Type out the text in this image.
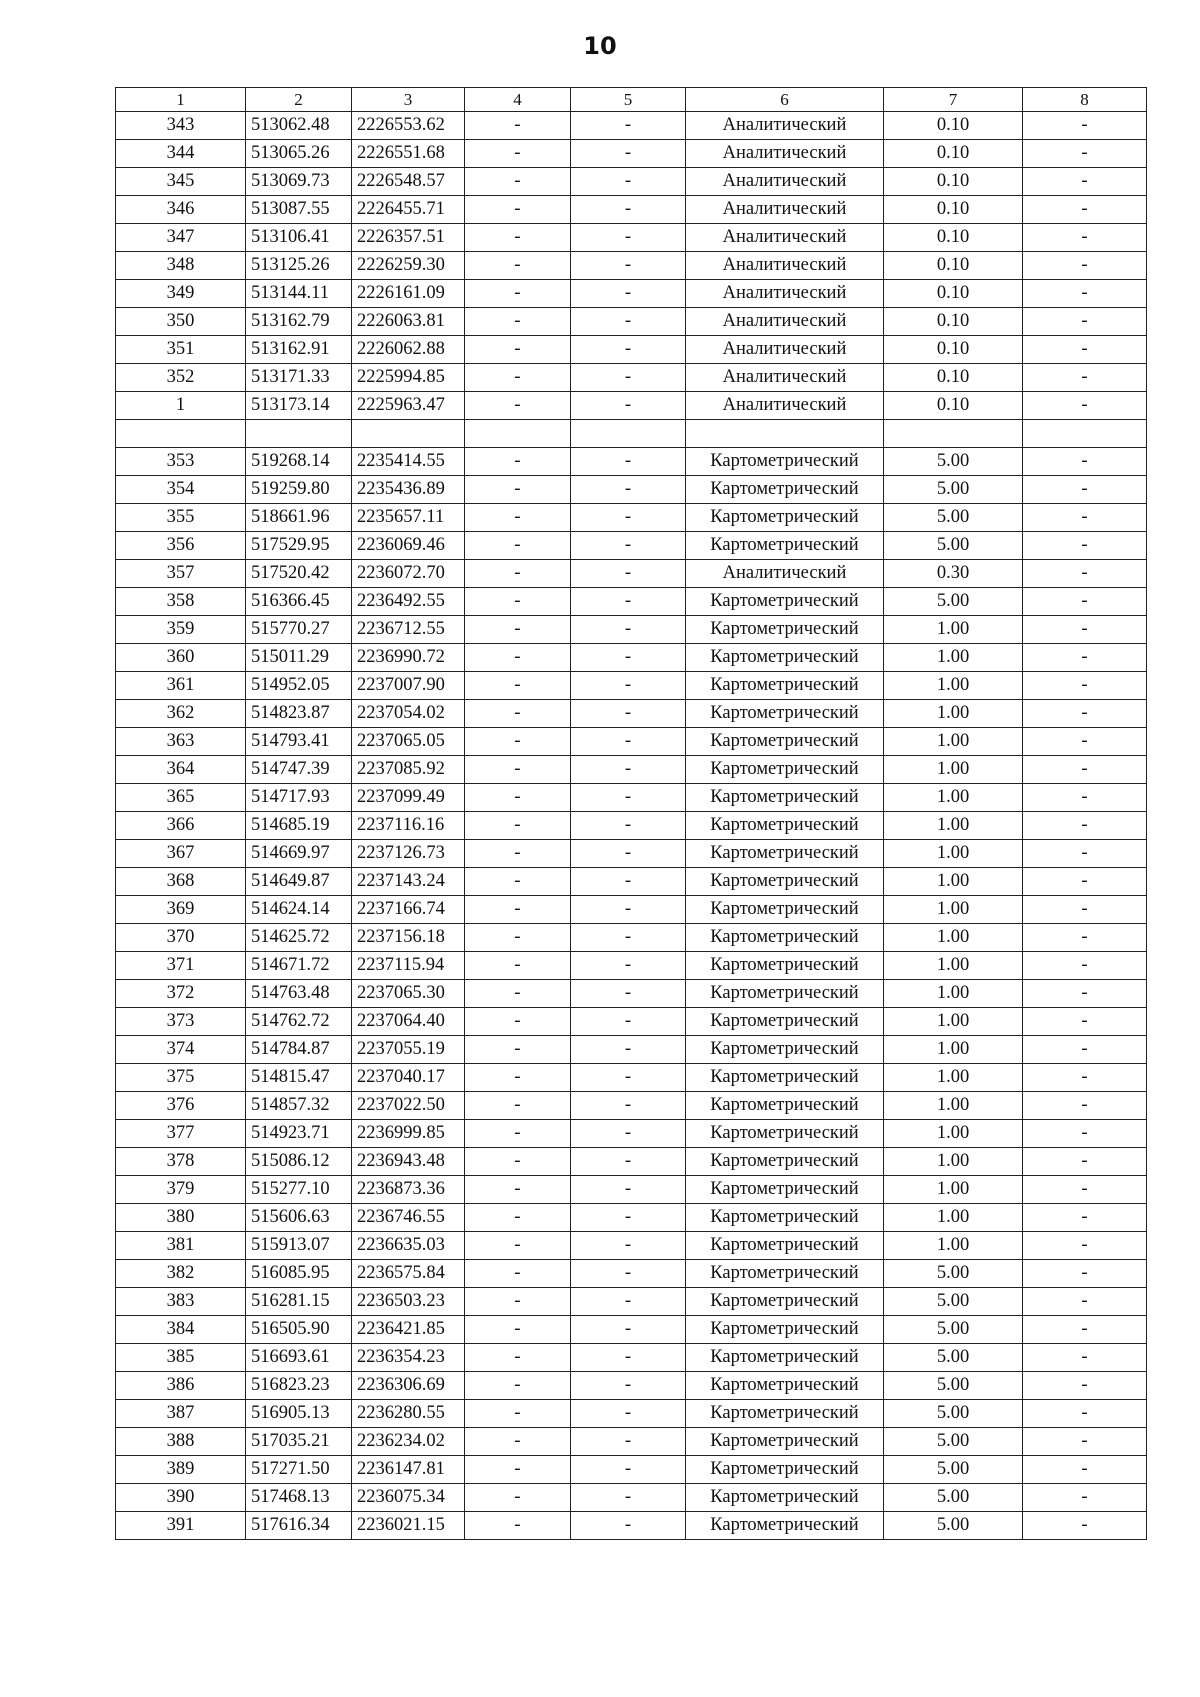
10
1	2	3	4	5	6	7	8
343	513062.48	2226553.62	-	-	Аналитический	0.10	-
344	513065.26	2226551.68	-	-	Аналитический	0.10	-
345	513069.73	2226548.57	-	-	Аналитический	0.10	-
346	513087.55	2226455.71	-	-	Аналитический	0.10	-
347	513106.41	2226357.51	-	-	Аналитический	0.10	-
348	513125.26	2226259.30	-	-	Аналитический	0.10	-
349	513144.11	2226161.09	-	-	Аналитический	0.10	-
350	513162.79	2226063.81	-	-	Аналитический	0.10	-
351	513162.91	2226062.88	-	-	Аналитический	0.10	-
352	513171.33	2225994.85	-	-	Аналитический	0.10	-
1	513173.14	2225963.47	-	-	Аналитический	0.10	-

353	519268.14	2235414.55	-	-	Картометрический	5.00	-
354	519259.80	2235436.89	-	-	Картометрический	5.00	-
355	518661.96	2235657.11	-	-	Картометрический	5.00	-
356	517529.95	2236069.46	-	-	Картометрический	5.00	-
357	517520.42	2236072.70	-	-	Аналитический	0.30	-
358	516366.45	2236492.55	-	-	Картометрический	5.00	-
359	515770.27	2236712.55	-	-	Картометрический	1.00	-
360	515011.29	2236990.72	-	-	Картометрический	1.00	-
361	514952.05	2237007.90	-	-	Картометрический	1.00	-
362	514823.87	2237054.02	-	-	Картометрический	1.00	-
363	514793.41	2237065.05	-	-	Картометрический	1.00	-
364	514747.39	2237085.92	-	-	Картометрический	1.00	-
365	514717.93	2237099.49	-	-	Картометрический	1.00	-
366	514685.19	2237116.16	-	-	Картометрический	1.00	-
367	514669.97	2237126.73	-	-	Картометрический	1.00	-
368	514649.87	2237143.24	-	-	Картометрический	1.00	-
369	514624.14	2237166.74	-	-	Картометрический	1.00	-
370	514625.72	2237156.18	-	-	Картометрический	1.00	-
371	514671.72	2237115.94	-	-	Картометрический	1.00	-
372	514763.48	2237065.30	-	-	Картометрический	1.00	-
373	514762.72	2237064.40	-	-	Картометрический	1.00	-
374	514784.87	2237055.19	-	-	Картометрический	1.00	-
375	514815.47	2237040.17	-	-	Картометрический	1.00	-
376	514857.32	2237022.50	-	-	Картометрический	1.00	-
377	514923.71	2236999.85	-	-	Картометрический	1.00	-
378	515086.12	2236943.48	-	-	Картометрический	1.00	-
379	515277.10	2236873.36	-	-	Картометрический	1.00	-
380	515606.63	2236746.55	-	-	Картометрический	1.00	-
381	515913.07	2236635.03	-	-	Картометрический	1.00	-
382	516085.95	2236575.84	-	-	Картометрический	5.00	-
383	516281.15	2236503.23	-	-	Картометрический	5.00	-
384	516505.90	2236421.85	-	-	Картометрический	5.00	-
385	516693.61	2236354.23	-	-	Картометрический	5.00	-
386	516823.23	2236306.69	-	-	Картометрический	5.00	-
387	516905.13	2236280.55	-	-	Картометрический	5.00	-
388	517035.21	2236234.02	-	-	Картометрический	5.00	-
389	517271.50	2236147.81	-	-	Картометрический	5.00	-
390	517468.13	2236075.34	-	-	Картометрический	5.00	-
391	517616.34	2236021.15	-	-	Картометрический	5.00	-
